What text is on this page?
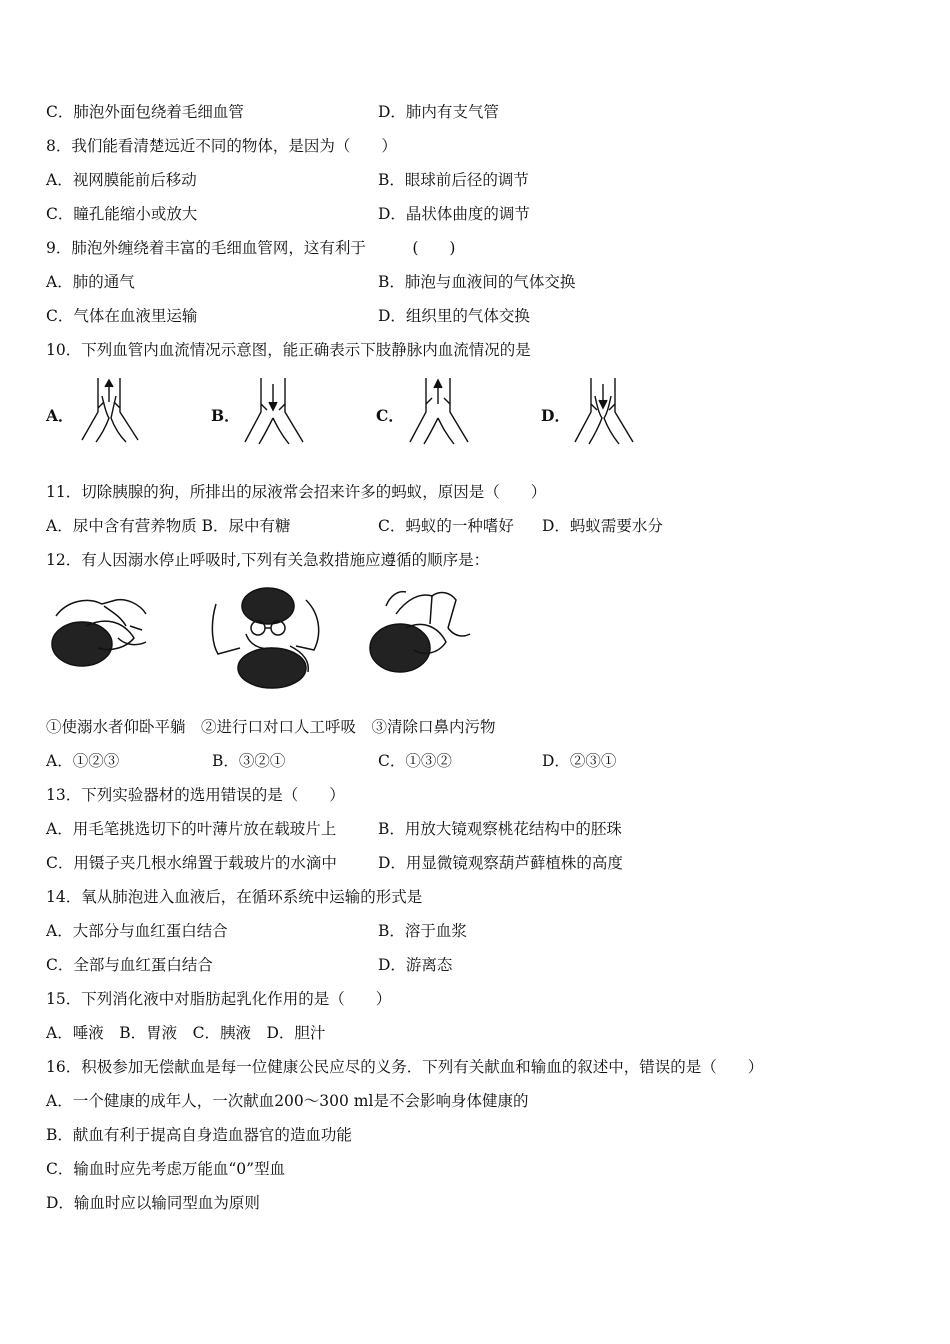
C．肺泡外面包绕着毛细血管	D．肺内有支气管
8．我们能看清楚远近不同的物体，是因为（　　）
A．视网膜能前后移动	B．眼球前后径的调节
C．瞳孔能缩小或放大	D．晶状体曲度的调节
9．肺泡外缠绕着丰富的毛细血管网，这有利于　　　(　　)
A．肺的通气	B．肺泡与血液间的气体交换
C．气体在血液里运输	D．组织里的气体交换
10．下列血管内血流情况示意图，能正确表示下肢静脉内血流情况的是
A．	B．	C．	D．
11．切除胰腺的狗，所排出的尿液常会招来许多的蚂蚁，原因是（　　）
A．尿中含有营养物质 B．尿中有糖	C．蚂蚁的一种嗜好 D．蚂蚁需要水分
12．有人因溺水停止呼吸时,下列有关急救措施应遵循的顺序是：
①使溺水者仰卧平躺　②进行口对口人工呼吸　③清除口鼻内污物
A．①②③	B．③②①	C．①③②	D．②③①
13．下列实验器材的选用错误的是（　　）
A．用毛笔挑选切下的叶薄片放在载玻片上	B．用放大镜观察桃花结构中的胚珠
C．用镊子夹几根水绵置于载玻片的水滴中	D．用显微镜观察葫芦藓植株的高度
14．氧从肺泡进入血液后，在循环系统中运输的形式是
A．大部分与血红蛋白结合	B．溶于血浆
C．全部与血红蛋白结合	D．游离态
15．下列消化液中对脂肪起乳化作用的是（　　）
A．唾液　B．胃液　C．胰液　D．胆汁
16．积极参加无偿献血是每一位健康公民应尽的义务．下列有关献血和输血的叙述中，错误的是（　　）
A．一个健康的成年人，一次献血200～300 ml是不会影响身体健康的
B．献血有利于提高自身造血器官的造血功能
C．输血时应先考虑万能血“0”型血
D．输血时应以输同型血为原则
